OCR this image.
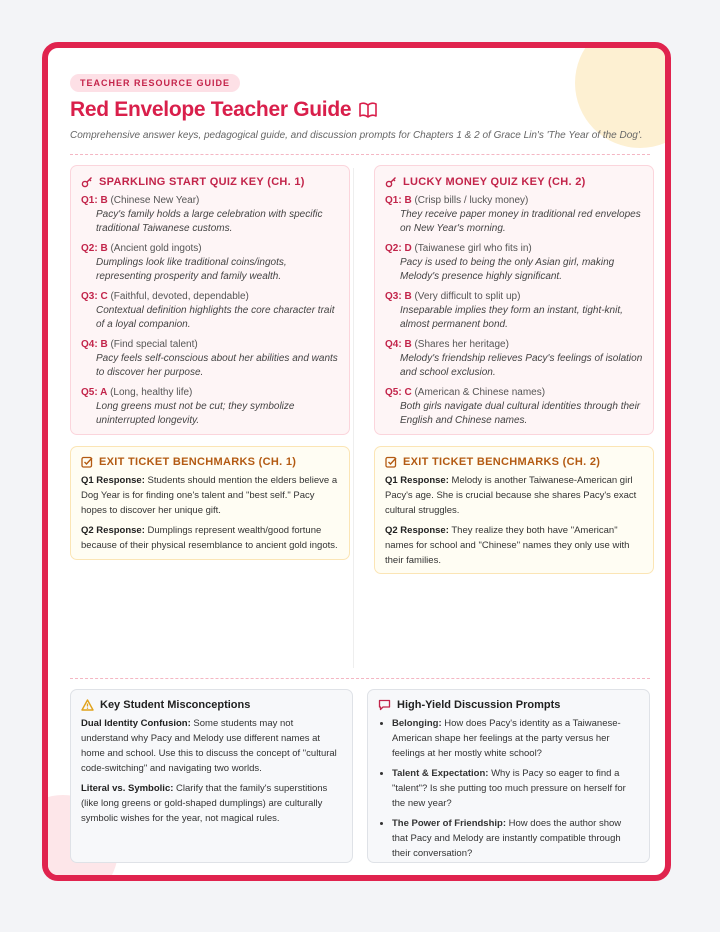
TEACHER RESOURCE GUIDE
Red Envelope Teacher Guide
Comprehensive answer keys, pedagogical guide, and discussion prompts for Chapters 1 & 2 of Grace Lin's 'The Year of the Dog'.
SPARKLING START QUIZ KEY (CH. 1)
Q1: B (Chinese New Year)
Pacy's family holds a large celebration with specific traditional Taiwanese customs.
Q2: B (Ancient gold ingots)
Dumplings look like traditional coins/ingots, representing prosperity and family wealth.
Q3: C (Faithful, devoted, dependable)
Contextual definition highlights the core character trait of a loyal companion.
Q4: B (Find special talent)
Pacy feels self-conscious about her abilities and wants to discover her purpose.
Q5: A (Long, healthy life)
Long greens must not be cut; they symbolize uninterrupted longevity.
LUCKY MONEY QUIZ KEY (CH. 2)
Q1: B (Crisp bills / lucky money)
They receive paper money in traditional red envelopes on New Year's morning.
Q2: D (Taiwanese girl who fits in)
Pacy is used to being the only Asian girl, making Melody's presence highly significant.
Q3: B (Very difficult to split up)
Inseparable implies they form an instant, tight-knit, almost permanent bond.
Q4: B (Shares her heritage)
Melody's friendship relieves Pacy's feelings of isolation and school exclusion.
Q5: C (American & Chinese names)
Both girls navigate dual cultural identities through their English and Chinese names.
EXIT TICKET BENCHMARKS (CH. 1)
Q1 Response: Students should mention the elders believe a Dog Year is for finding one's talent and "best self." Pacy hopes to discover her unique gift.
Q2 Response: Dumplings represent wealth/good fortune because of their physical resemblance to ancient gold ingots.
EXIT TICKET BENCHMARKS (CH. 2)
Q1 Response: Melody is another Taiwanese-American girl Pacy's age. She is crucial because she shares Pacy's exact cultural struggles.
Q2 Response: They realize they both have "American" names for school and "Chinese" names they only use with their families.
Key Student Misconceptions
Dual Identity Confusion: Some students may not understand why Pacy and Melody use different names at home and school. Use this to discuss the concept of "cultural code-switching" and navigating two worlds.
Literal vs. Symbolic: Clarify that the family's superstitions (like long greens or gold-shaped dumplings) are culturally symbolic wishes for the year, not magical rules.
High-Yield Discussion Prompts
• Belonging: How does Pacy's identity as a Taiwanese-American shape her feelings at the party versus her feelings at her mostly white school?
• Talent & Expectation: Why is Pacy so eager to find a "talent"? Is she putting too much pressure on herself for the new year?
• The Power of Friendship: How does the author show that Pacy and Melody are instantly compatible through their conversation?
